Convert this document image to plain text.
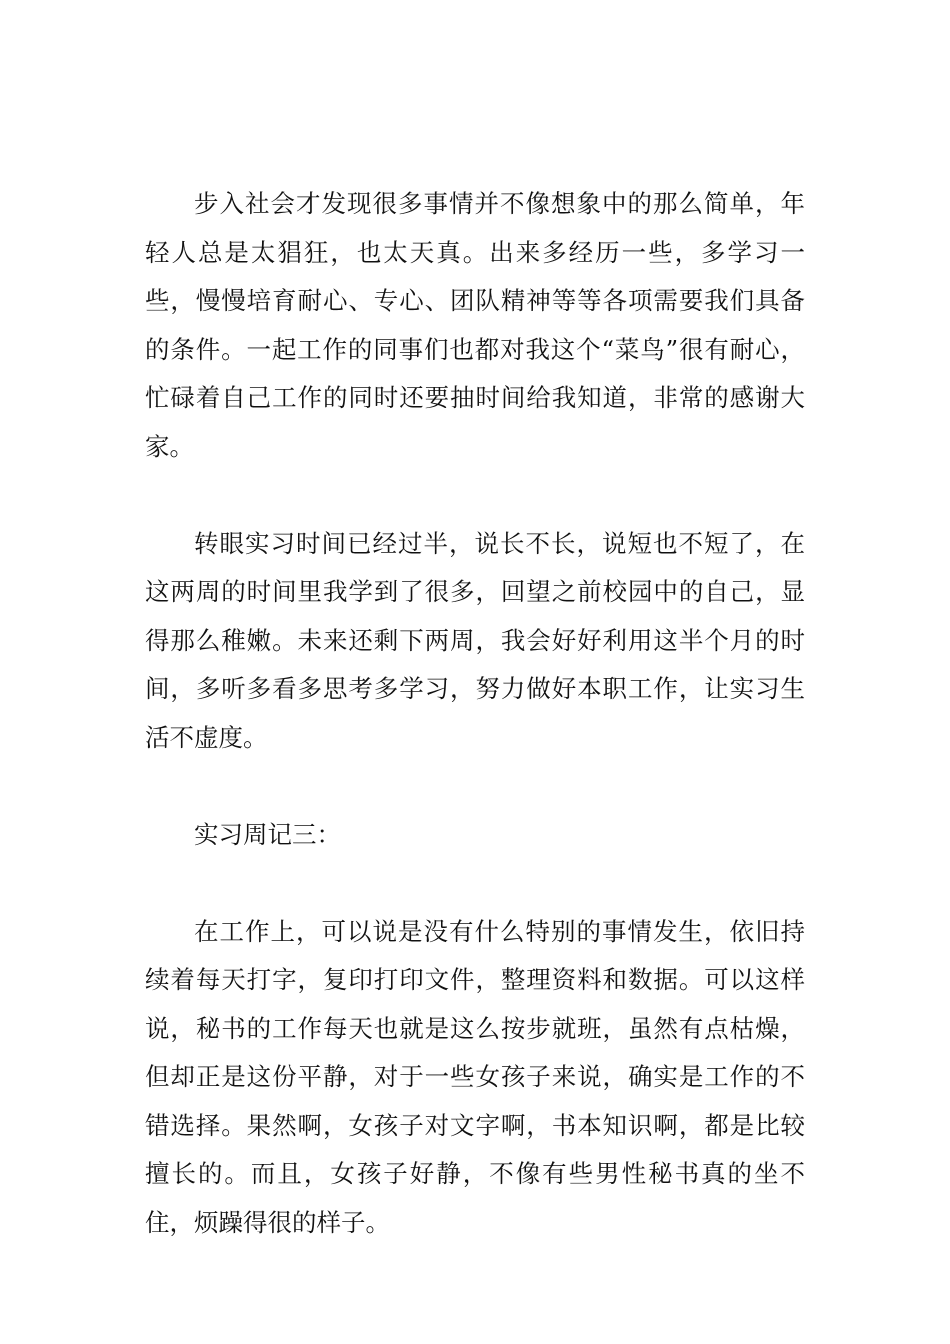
步入社会才发现很多事情并不像想象中的那么简单，年轻人总是太猖狂，也太天真。出来多经历一些，多学习一些，慢慢培育耐心、专心、团队精神等等各项需要我们具备的条件。一起工作的同事们也都对我这个“菜鸟”很有耐心，忙碌着自己工作的同时还要抽时间给我知道，非常的感谢大家。

转眼实习时间已经过半，说长不长，说短也不短了，在这两周的时间里我学到了很多，回望之前校园中的自己，显得那么稚嫩。未来还剩下两周，我会好好利用这半个月的时间，多听多看多思考多学习，努力做好本职工作，让实习生活不虚度。

实习周记三：

在工作上，可以说是没有什么特别的事情发生，依旧持续着每天打字，复印打印文件，整理资料和数据。可以这样说，秘书的工作每天也就是这么按步就班，虽然有点枯燥，但却正是这份平静，对于一些女孩子来说，确实是工作的不错选择。果然啊，女孩子对文字啊，书本知识啊，都是比较擅长的。而且，女孩子好静，不像有些男性秘书真的坐不住，烦躁得很的样子。
